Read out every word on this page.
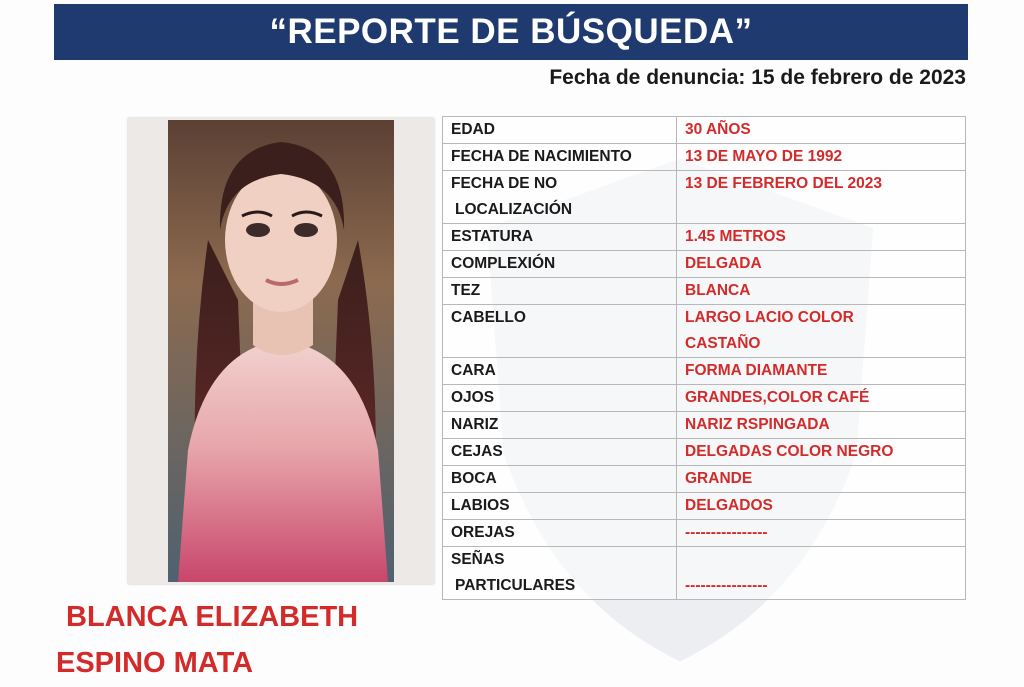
“REPORTE DE BÚSQUEDA”
Fecha de denuncia: 15 de febrero de 2023
BLANCA ELIZABETH
ESPINO MATA
EDAD	30 AÑOS

FECHA DE NACIMIENTO	13 DE MAYO DE 1992

FECHA DE NO
LOCALIZACIÓN	13 DE FEBRERO DEL 2023

ESTATURA	1.45 METROS

COMPLEXIÓN	DELGADA

TEZ	BLANCA

CABELLO	LARGO LACIO COLOR
CASTAÑO

CARA	FORMA DIAMANTE

OJOS	GRANDES,COLOR CAFÉ

NARIZ	NARIZ RSPINGADA

CEJAS	DELGADAS COLOR NEGRO

BOCA	GRANDE

LABIOS	DELGADOS

OREJAS	----------------

SEÑAS
PARTICULARES	----------------
